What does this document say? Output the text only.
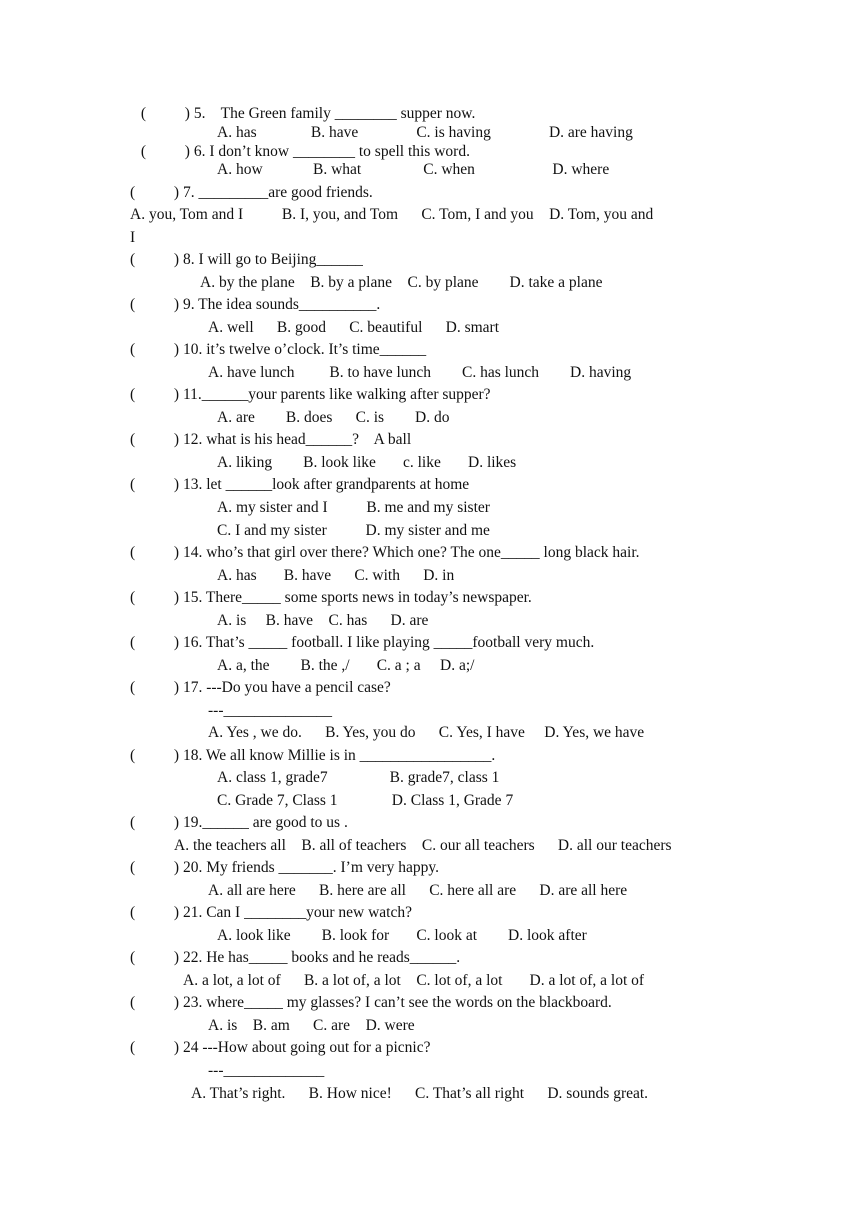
(          ) 5.    The Green family ________ supper now.
A. has              B. have               C. is having               D. are having
(          ) 6. I don’t know ________ to spell this word.
A. how             B. what                C. when                    D. where
(          ) 7. _________are good friends.
A. you, Tom and I          B. I, you, and Tom      C. Tom, I and you    D. Tom, you and
I
(          ) 8. I will go to Beijing______
A. by the plane    B. by a plane    C. by plane        D. take a plane
(          ) 9. The idea sounds__________.
A. well      B. good      C. beautiful      D. smart
(          ) 10. it’s twelve o’clock. It’s time______
A. have lunch         B. to have lunch        C. has lunch        D. having
(          ) 11.______your parents like walking after supper?
A. are        B. does      C. is        D. do
(          ) 12. what is his head______?    A ball
A. liking        B. look like       c. like       D. likes
(          ) 13. let ______look after grandparents at home
A. my sister and I          B. me and my sister
C. I and my sister          D. my sister and me
(          ) 14. who’s that girl over there? Which one? The one_____ long black hair.
A. has       B. have      C. with      D. in
(          ) 15. There_____ some sports news in today’s newspaper.
A. is     B. have    C. has      D. are
(          ) 16. That’s _____ football. I like playing _____football very much.
A. a, the        B. the ,/       C. a ; a     D. a;/
(          ) 17. ---Do you have a pencil case?
---______________
A. Yes , we do.      B. Yes, you do      C. Yes, I have     D. Yes, we have
(          ) 18. We all know Millie is in _________________.
A. class 1, grade7                B. grade7, class 1
C. Grade 7, Class 1              D. Class 1, Grade 7
(          ) 19.______ are good to us .
A. the teachers all    B. all of teachers    C. our all teachers      D. all our teachers
(          ) 20. My friends _______. I’m very happy.
A. all are here      B. here are all      C. here all are      D. are all here
(          ) 21. Can I ________your new watch?
A. look like        B. look for       C. look at        D. look after
(          ) 22. He has_____ books and he reads______.
A. a lot, a lot of      B. a lot of, a lot    C. lot of, a lot       D. a lot of, a lot of
(          ) 23. where_____ my glasses? I can’t see the words on the blackboard.
A. is    B. am      C. are    D. were
(          ) 24 ---How about going out for a picnic?
---_____________
A. That’s right.      B. How nice!      C. That’s all right      D. sounds great.
